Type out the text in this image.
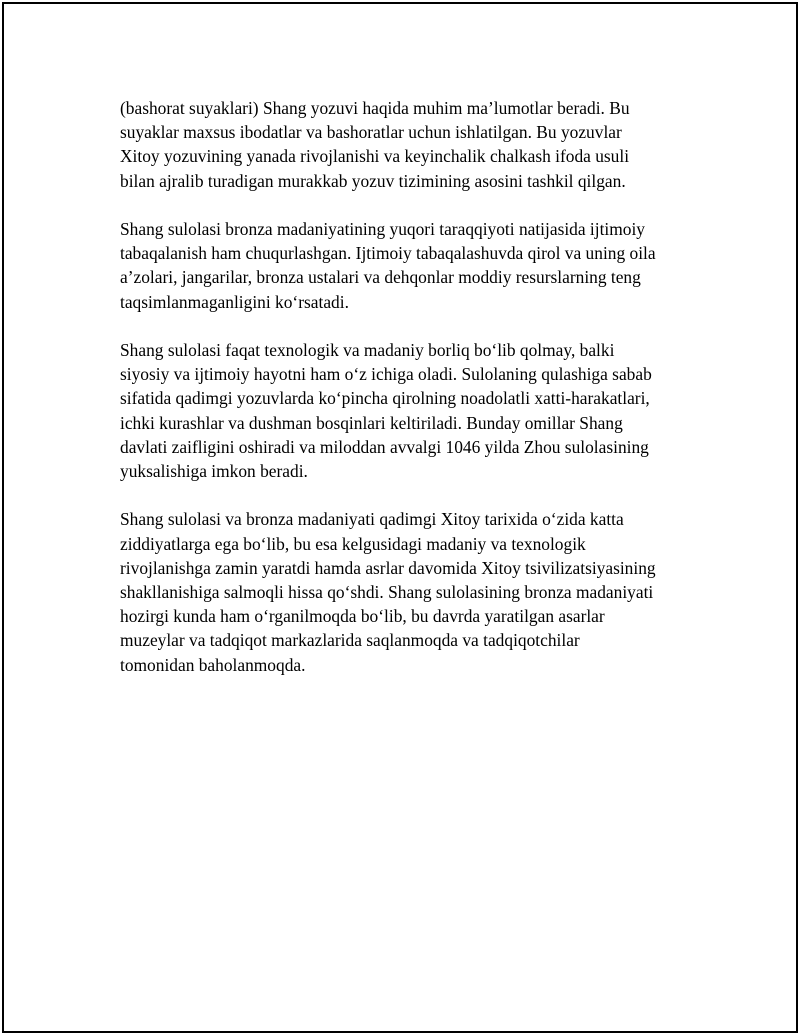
(bashorat suyaklari) Shang yozuvi haqida muhim maʼlumotlar beradi. Bu
suyaklar maxsus ibodatlar va bashoratlar uchun ishlatilgan. Bu yozuvlar
Xitoy yozuvining yanada rivojlanishi va keyinchalik chalkash ifoda usuli
bilan ajralib turadigan murakkab yozuv tizimining asosini tashkil qilgan.

Shang sulolasi bronza madaniyatining yuqori taraqqiyoti natijasida ijtimoiy
tabaqalanish ham chuqurlashgan. Ijtimoiy tabaqalashuvda qirol va uning oila
aʼzolari, jangarilar, bronza ustalari va dehqonlar moddiy resurslarning teng
taqsimlanmaganligini koʻrsatadi.

Shang sulolasi faqat texnologik va madaniy borliq boʻlib qolmay, balki
siyosiy va ijtimoiy hayotni ham oʻz ichiga oladi. Sulolaning qulashiga sabab
sifatida qadimgi yozuvlarda koʻpincha qirolning noadolatli xatti-harakatlari,
ichki kurashlar va dushman bosqinlari keltiriladi. Bunday omillar Shang
davlati zaifligini oshiradi va miloddan avvalgi 1046 yilda Zhou sulolasining
yuksalishiga imkon beradi.

Shang sulolasi va bronza madaniyati qadimgi Xitoy tarixida oʻzida katta
ziddiyatlarga ega boʻlib, bu esa kelgusidagi madaniy va texnologik
rivojlanishga zamin yaratdi hamda asrlar davomida Xitoy tsivilizatsiyasining
shakllanishiga salmoqli hissa qoʻshdi. Shang sulolasining bronza madaniyati
hozirgi kunda ham oʻrganilmoqda boʻlib, bu davrda yaratilgan asarlar
muzeylar va tadqiqot markazlarida saqlanmoqda va tadqiqotchilar
tomonidan baholanmoqda.
